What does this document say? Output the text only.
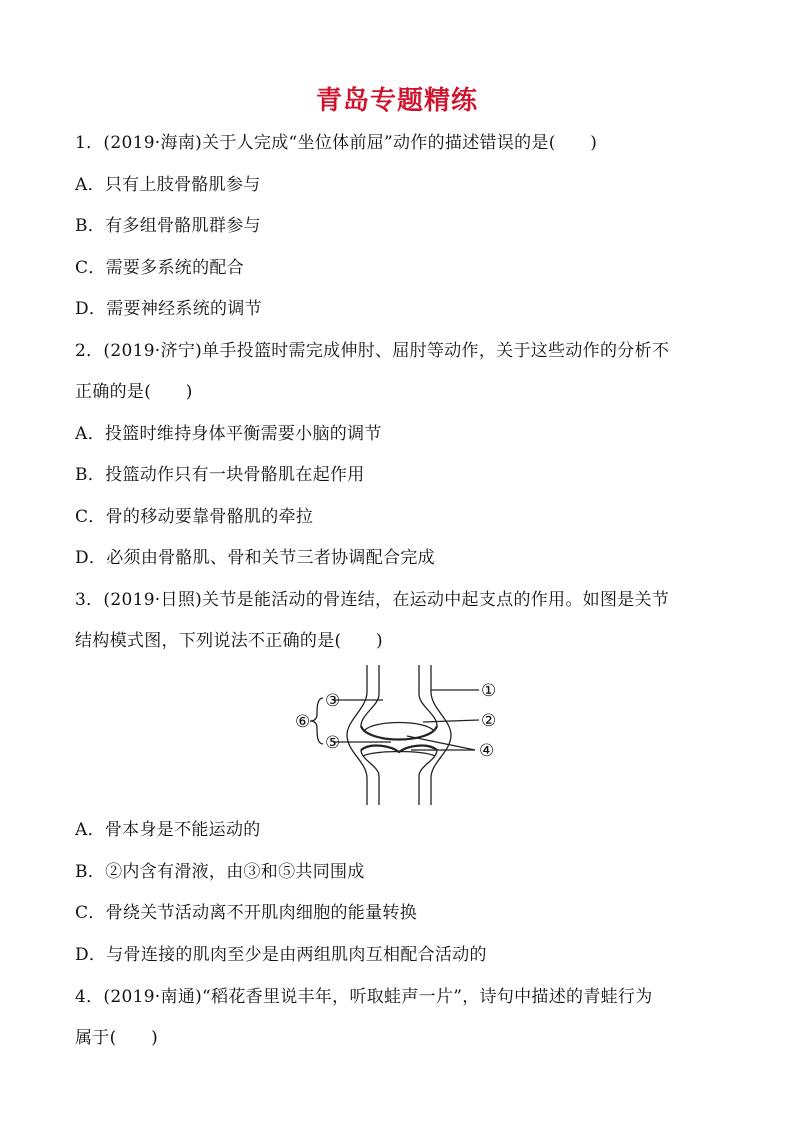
青岛专题精练
1．(2019·海南)关于人完成“坐位体前屈”动作的描述错误的是(　　)
A．只有上肢骨骼肌参与
B．有多组骨骼肌群参与
C．需要多系统的配合
D．需要神经系统的调节
2．(2019·济宁)单手投篮时需完成伸肘、屈肘等动作，关于这些动作的分析不
正确的是(　　)
A．投篮时维持身体平衡需要小脑的调节
B．投篮动作只有一块骨骼肌在起作用
C．骨的移动要靠骨骼肌的牵拉
D．必须由骨骼肌、骨和关节三者协调配合完成
3．(2019·日照)关节是能活动的骨连结，在运动中起支点的作用。如图是关节
结构模式图，下列说法不正确的是(　　)
③	①
②
⑤	④
⑥
A．骨本身是不能运动的
B．②内含有滑液，由③和⑤共同围成
C．骨绕关节活动离不开肌肉细胞的能量转换
D．与骨连接的肌肉至少是由两组肌肉互相配合活动的
4．(2019·南通)“稻花香里说丰年，听取蛙声一片”，诗句中描述的青蛙行为
属于(　　)
